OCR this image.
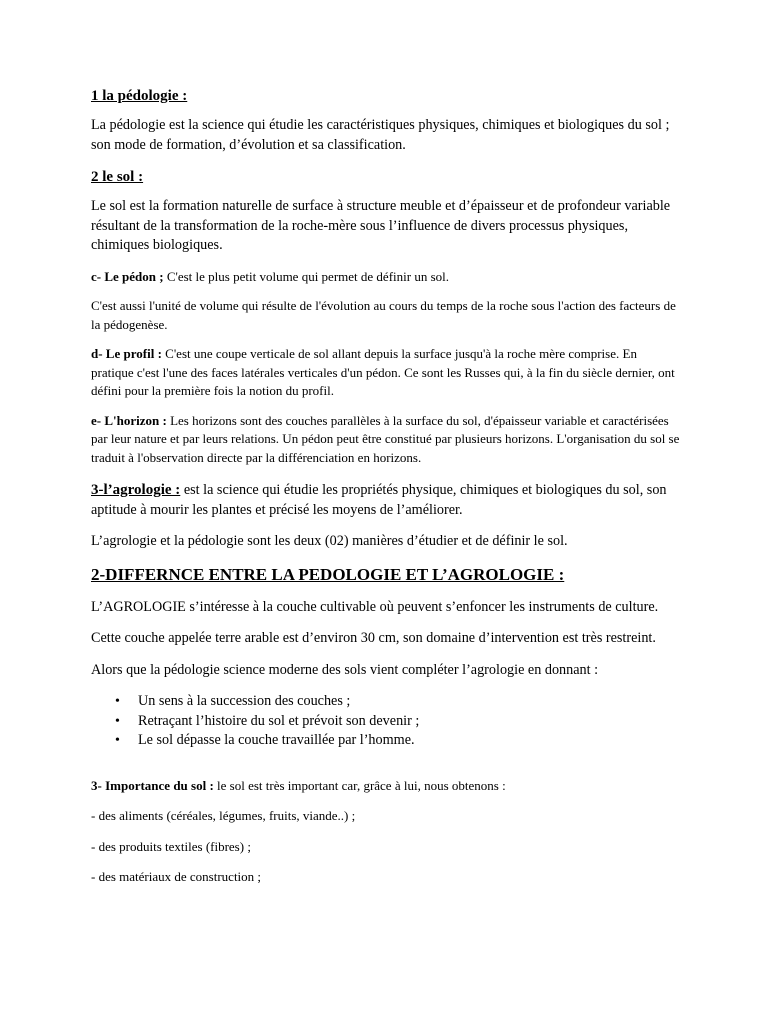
1 la pédologie :
La pédologie est la science qui étudie les caractéristiques physiques, chimiques et biologiques du sol ; son mode de formation, d’évolution et sa classification.
2 le sol :
Le sol est la formation naturelle de surface à structure meuble et d’épaisseur et de profondeur variable résultant de la transformation de la roche-mère sous l’influence de divers processus physiques, chimiques biologiques.
c- Le pédon ; C'est le plus petit volume qui permet de définir un sol.
C'est aussi l'unité de volume qui résulte de l'évolution au cours du temps de la roche sous l'action des facteurs de la pédogenèse.
d- Le profil : C'est une coupe verticale de sol allant depuis la surface jusqu'à la roche mère comprise. En pratique c'est l'une des faces latérales verticales d'un pédon. Ce sont les Russes qui, à la fin du siècle dernier, ont défini pour la première fois la notion du profil.
e- L'horizon : Les horizons sont des couches parallèles à la surface du sol, d'épaisseur variable et caractérisées par leur nature et par leurs relations. Un pédon peut être constitué par plusieurs horizons. L'organisation du sol se traduit à l'observation directe par la différenciation en horizons.
3-l’agrologie : est la science qui étudie les propriétés physique, chimiques et biologiques du sol, son aptitude à mourir les plantes et précisé les moyens de l’améliorer.
L’agrologie et la pédologie sont les deux (02) manières d’étudier et de définir le sol.
2-DIFFERNCE ENTRE LA PEDOLOGIE ET L’AGROLOGIE :
L’AGROLOGIE s’intéresse à la couche cultivable où peuvent s’enfoncer les instruments de culture.
Cette couche appelée terre arable est d’environ 30 cm, son domaine d’intervention est très restreint.
Alors que la pédologie science moderne des sols vient compléter l’agrologie en donnant :
• Un sens à la succession des couches ;
• Retraçant l’histoire du sol et prévoit son devenir ;
• Le sol dépasse la couche travaillée par l’homme.
3- Importance du sol : le sol est très important car, grâce à lui, nous obtenons :
- des aliments (céréales, légumes, fruits, viande..) ;
- des produits textiles (fibres) ;
- des matériaux de construction ;
